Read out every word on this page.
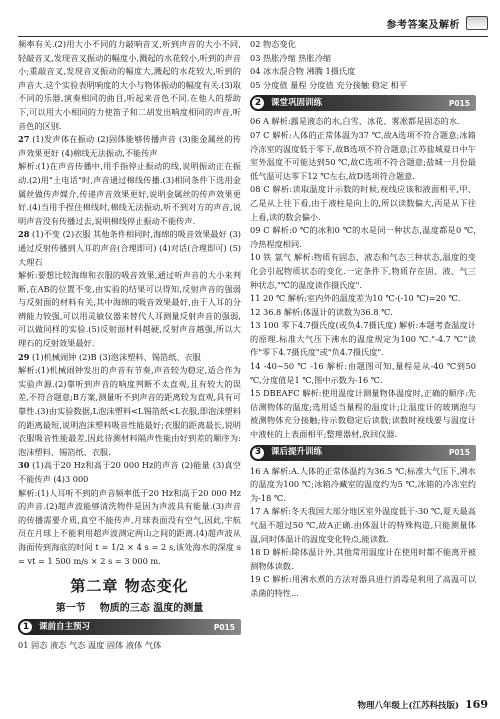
参考答案及解析

频率有关.(2)用大小不同的力敲响音叉,听到声音的大小不同,轻敲音叉,发现音叉振动的幅度小,溅起的水花较小,听到的声音小;重敲音叉,发现音叉振动的幅度大,溅起的水花较大,听到的声音大.这个实验表明响度的大小与物体振动的幅度有关.(3)取不同的乐器,演奏相同的曲目,听起来音色不同.在他人的帮助下,可以用大小相同的力使笛子和二胡发出响度相同的声音,听音色的区别.

27 (1)发声体在振动 (2)固体能够传播声音 (3)能金属丝的传声效果更好 (4)棉线无法振动,不能传声

解析:(1)在声音传播中,用手指停止振动的线,说明振动正在振动.(2)用"土电话"时,声音通过棉线传播.(3)相同条件下选用金属丝做传声媒介,传递声音效果更好,说明金属丝的传声效果更好.(4)当用手捏住棉线时,棉线无法振动,听不到对方的声音,说明声音没有传播过去,说明棉线停止振动不能传声.

28 (1)不变 (2)衣服 其他条件相同时,海绵的吸音效果最好 (3)通过反射传播到人耳的声音(合理即可) (4)对话(合理即可) (5)大理石

解析:要想比较海绵和衣服的吸音效果,通过听声音的大小来判断,在AB的位置不变,由实验的结果可以得知,反射声音的强弱与反射面的材料有关,其中海绵的吸音效果最好,由于人耳的分辨能力较强,可以用灵敏仪器来替代人耳测量反射声音的强弱,可以做同样的实验.(5)反射面材料越硬,反射声音越强,所以大理石的反射效果最好.

29 (1)机械闹钟 (2)B (3)泡沫塑料、锡箔纸、衣服

解析:(1)机械闹钟发出的声音有节奏,声音较为稳定,适合作为实验声源.(2)靠听到声音的响度判断不太直观,且有较大的误差,不符合题意;B方案,测量听不到声音的距离较为直观,具有可靠性.(3)由实验数据,L泡沫塑料<L锡箔纸<L衣服,即泡沫塑料的距离最短,说明泡沫塑料吸音性能最好;衣服的距离最长,说明衣服吸音性能最差,因此待测材料隔声性能由好到差的顺序为:泡沫塑料、锡箔纸、衣服.

30 (1)高于20 Hz和高于20 000 Hz的声音 (2)能量 (3)真空不能传声 (4)3 000

解析:(1)人耳听不到的声音频率低于20 Hz和高于20 000 Hz的声音.(2)超声波能够清洗物件是因为声波具有能量.(3)声音的传播需要介质,真空不能传声,月球表面没有空气,因此,宇航员在月球上不能利用超声波测定两山之间的距离.(4)超声波从海面传到海底的时间 t = 1/2 × 4 s = 2 s,该处海水的深度 s = vt = 1 500 m/s × 2 s = 3 000 m.

第二章 物态变化
第一节 物质的三态 温度的测量
1	课前自主预习	P015

01 固态 液态 气态 温度 固体 液体 气体

02 物态变化

03 热胀冷缩 热胀冷缩

04 冰水混合物 沸腾 1摄氏度

05 分度值 量程 分度值 充分接触 稳定 相平

2	课堂巩固训练	P015

06 A 解析:露是液态的水,白雪、冰花、雾凇都是固态的水.

07 C 解析:人体的正常体温为37 ℃,故A选项不符合题意;冰箱冷冻室的温度低于零下,故B选项不符合题意;江苏盐城夏日中午室外温度不可能达到50 ℃,故C选项不符合题意;盐城一月份最低气温可达零下12 ℃左右,故D选项符合题意.

08 C 解析:读取温度计示数的时候,视线应该和液面相平,甲、乙是从上往下看,由于液柱是向上的,所以读数偏大,丙是从下往上看,读的数会偏小.

09 C 解析:0 ℃的冰和0 ℃的水是同一种状态,温度都是0 ℃,冷热程度相同.

10 铁 氯气 解析:物质有固态、液态和气态三种状态,温度的变化会引起物质状态的变化.一定条件下,物质存在固、液、气三种状态,"℃的温度读作摄氏度".

11 20 ℃ 解析:室内外的温度差为10 ℃-(-10 ℃)=20 ℃.

12 36.8 解析:体温计的读数为36.8 ℃.

13 100 零下4.7摄氏度(或负4.7摄氏度) 解析:本题考查温度计的原理.标准大气压下沸水的温度规定为100 ℃."-4.7 ℃"读作"零下4.7摄氏度"或"负4.7摄氏度".

14 -40~50 ℃ -16 解析:由题图可知,量程是从-40 ℃到50 ℃,分度值是1 ℃,图中示数为-16 ℃.

15 DBEAFC 解析:使用温度计测量物体温度时,正确的顺序:先估测物体的温度;选用适当量程的温度计;让温度计的玻璃泡与被测物体充分接触;待示数稳定后读数;读数时视线要与温度计中液柱的上表面相平;整理器材,放回仪器.

3	课后提升训练	P015

16 A 解析:A.人体的正常体温约为36.5 ℃;标准大气压下,沸水的温度为100 ℃;冰箱冷藏室的温度约为5 ℃,冰箱的冷冻室约为-18 ℃.

17 A 解析:冬天我国大部分地区室外温度低于-30 ℃,夏天最高气温不超过50 ℃,故A正确.由体温计的特殊构造,只能测量体温,同时体温计的温度变化特点,能读数.

18 D 解析:除体温计外,其他常用温度计在使用时都不能离开被测物体读数.

19 C 解析:用沸水煮的方法对器具进行消毒是利用了高温可以杀菌的特性...

物理八年级上(江苏科技版) 169
